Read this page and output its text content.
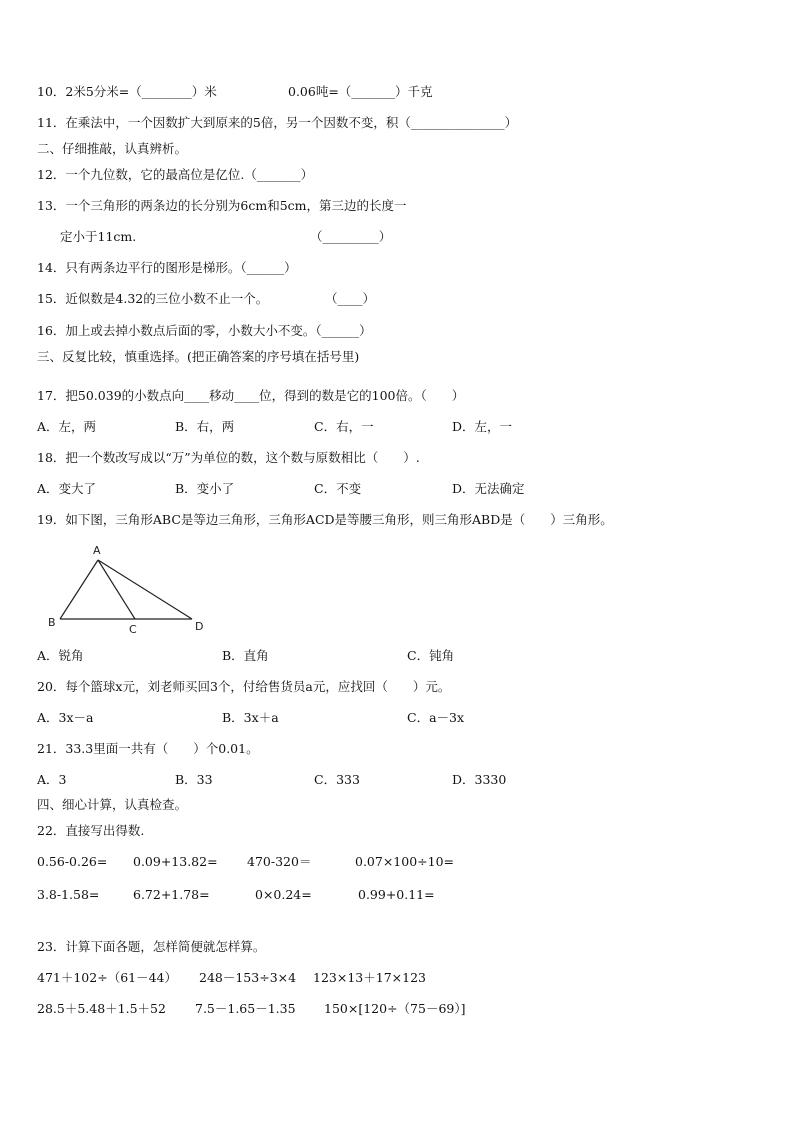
10．2米5分米=（________）米	0.06吨=（_______）千克
11．在乘法中，一个因数扩大到原来的5倍，另一个因数不变，积（_______________）
二、仔细推敲，认真辨析。
12．一个九位数，它的最高位是亿位.（_______）
13．一个三角形的两条边的长分别为6cm和5cm，第三边的长度一
定小于11cm.	（_________）
14．只有两条边平行的图形是梯形。（______）
15．近似数是4.32的三位小数不止一个。	（____）
16．加上或去掉小数点后面的零，小数大小不变。（______）
三、反复比较，慎重选择。(把正确答案的序号填在括号里)
17．把50.039的小数点向____移动____位，得到的数是它的100倍。（　　）
A．左，两	B．右，两	C．右，一	D．左，一
18．把一个数改写成以“万”为单位的数，这个数与原数相比（　　）.
A．变大了	B．变小了	C．不变	D．无法确定
19．如下图，三角形ABC是等边三角形，三角形ACD是等腰三角形，则三角形ABD是（　　）三角形。
A
B
C	D
A．锐角	B．直角	C．钝角
20．每个篮球x元，刘老师买回3个，付给售货员a元，应找回（　　）元。
A．3x－a	B．3x＋a	C．a－3x
21．33.3里面一共有（　　）个0.01。
A．3	B．33	C．333	D．3330
四、细心计算，认真检查。
22．直接写出得数.
0.56-0.26= 0.09+13.82= 470-320＝	0.07×100÷10=
3.8-1.58=	6.72+1.78=	0×0.24=	0.99+0.11=
23．计算下面各题，怎样简便就怎样算。
471＋102÷（61－44） 248－153÷3×4 123×13＋17×123
28.5＋5.48＋1.5＋52 7.5－1.65－1.35 150×[120÷（75－69）]
